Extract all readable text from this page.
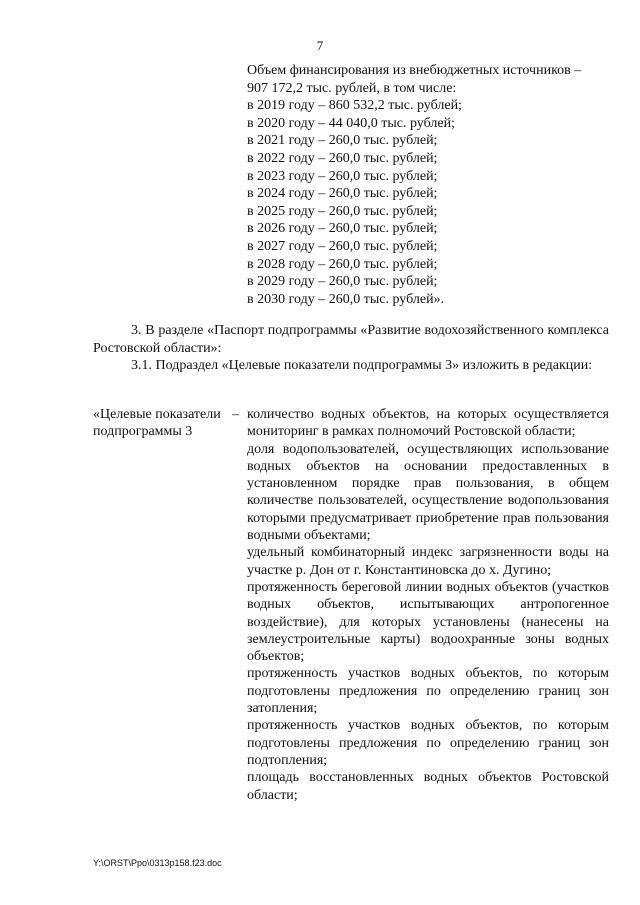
7
Объем финансирования из внебюджетных источников –
907 172,2 тыс. рублей, в том числе:
в 2019 году – 860 532,2 тыс. рублей;
в 2020 году – 44 040,0 тыс. рублей;
в 2021 году – 260,0 тыс. рублей;
в 2022 году – 260,0 тыс. рублей;
в 2023 году – 260,0 тыс. рублей;
в 2024 году – 260,0 тыс. рублей;
в 2025 году – 260,0 тыс. рублей;
в 2026 году – 260,0 тыс. рублей;
в 2027 году – 260,0 тыс. рублей;
в 2028 году – 260,0 тыс. рублей;
в 2029 году – 260,0 тыс. рублей;
в 2030 году – 260,0 тыс. рублей».
3. В разделе «Паспорт подпрограммы «Развитие водохозяйственного комплекса Ростовской области»:
3.1. Подраздел «Целевые показатели подпрограммы 3» изложить в редакции:
«Целевые показатели подпрограммы 3
– количество водных объектов, на которых осуществляется мониторинг в рамках полномочий Ростовской области;
доля водопользователей, осуществляющих использование водных объектов на основании предоставленных в установленном порядке прав пользования, в общем количестве пользователей, осуществление водопользования которыми предусматривает приобретение прав пользования водными объектами;
удельный комбинаторный индекс загрязненности воды на участке р. Дон от г. Константиновска до х. Дугино;
протяженность береговой линии водных объектов (участков водных объектов, испытывающих антропогенное воздействие), для которых установлены (нанесены на землеустроительные карты) водоохранные зоны водных объектов;
протяженность участков водных объектов, по которым подготовлены предложения по определению границ зон затопления;
протяженность участков водных объектов, по которым подготовлены предложения по определению границ зон подтопления;
площадь восстановленных водных объектов Ростовской области;
Y:\ORST\Ppo\0313p158.f23.doc
